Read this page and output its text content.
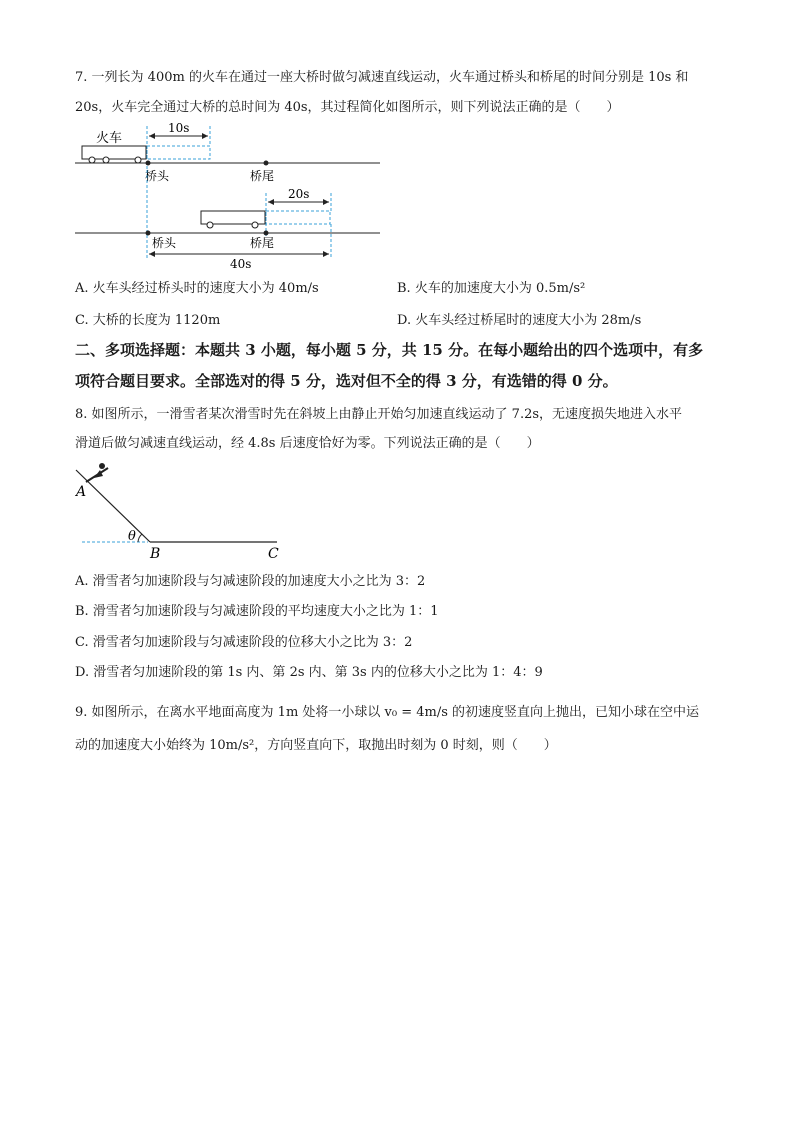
7. 一列长为 400m 的火车在通过一座大桥时做匀减速直线运动，火车通过桥头和桥尾的时间分别是 10s 和
20s，火车完全通过大桥的总时间为 40s，其过程简化如图所示，则下列说法正确的是（　　）
火车
10s
桥头	桥尾
20s
桥头	桥尾
40s
A. 火车头经过桥头时的速度大小为 40m/s	B. 火车的加速度大小为 0.5m/s²
C. 大桥的长度为 1120m	D. 火车头经过桥尾时的速度大小为 28m/s
二、多项选择题：本题共 3 小题，每小题 5 分，共 15 分。在每小题给出的四个选项中，有多
项符合题目要求。全部选对的得 5 分，选对但不全的得 3 分，有选错的得 0 分。
8. 如图所示，一滑雪者某次滑雪时先在斜坡上由静止开始匀加速直线运动了 7.2s，无速度损失地进入水平
滑道后做匀减速直线运动，经 4.8s 后速度恰好为零。下列说法正确的是（　　）
A
B	C
θ
A. 滑雪者匀加速阶段与匀减速阶段的加速度大小之比为 3：2
B. 滑雪者匀加速阶段与匀减速阶段的平均速度大小之比为 1：1
C. 滑雪者匀加速阶段与匀减速阶段的位移大小之比为 3：2
D. 滑雪者匀加速阶段的第 1s 内、第 2s 内、第 3s 内的位移大小之比为 1：4：9
9. 如图所示，在离水平地面高度为 1m 处将一小球以 v₀ = 4m/s 的初速度竖直向上抛出，已知小球在空中运
动的加速度大小始终为 10m/s²，方向竖直向下，取抛出时刻为 0 时刻，则（　　）
